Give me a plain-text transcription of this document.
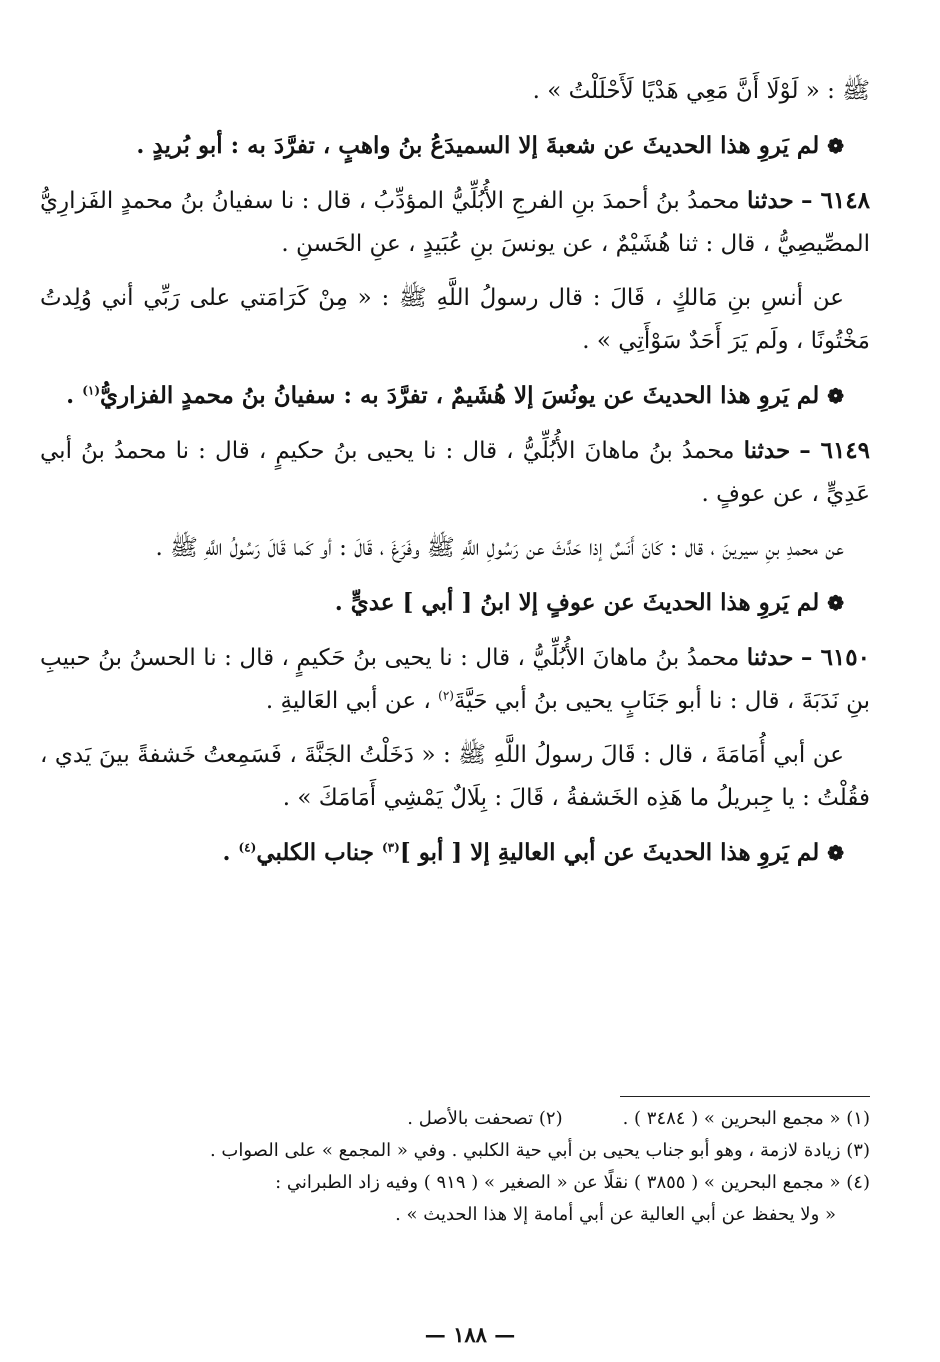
ﷺ : « لَوْلَا أَنَّ مَعِي هَدْيًا لَأَحْلَلْتُ » .

❁ لم يَروِ هذا الحديثَ عن شعبةَ إلا السميدَعُ بنُ واهبٍ ، تفرَّدَ به : أبو بُريدٍ .

٦١٤٨ – حدثنا محمدُ بنُ أحمدَ بنِ الفرجِ الأُبُلِّيُّ المؤدِّبُ ، قال : نا سفيانُ بنُ محمدٍ الفَزارِيُّ المصِّيصِيُّ ، قال : ثنا هُشَيْمٌ ، عن يونسَ بنِ عُبَيدٍ ، عنِ الحَسنِ .

عن أنسِ بنِ مَالكٍ ، قَالَ : قال رسولُ اللَّهِ ﷺ : « مِنْ كَرَامَتي على رَبِّي أني وُلِدتُ مَخْتُونًا ، ولَم يَرَ أَحَدٌ سَوْأَتِي » .

❁ لم يَروِ هذا الحديثَ عن يونُسَ إلا هُشَيمٌ ، تفرَّدَ به : سفيانُ بنُ محمدٍ الفزاريُّ$^{(١)}$ .

٦١٤٩ – حدثنا محمدُ بنُ ماهانَ الأُبُلِّيُّ ، قال : نا يحيى بنُ حكيمٍ ، قال : نا محمدُ بنُ أبي عَدِيٍّ ، عن عوفٍ .

عن محمدِ بنِ سيرينَ ، قال : كَانَ أَنَسٌ إذا حَدَّثَ عن رَسُولِ اللَّهِ ﷺ وفَرَغَ ، قَالَ : أو كَما قَالَ رَسُولُ اللَّهِ ﷺ .

❁ لم يَروِ هذا الحديثَ عن عوفٍ إلا ابنُ [ أبي ] عديٍّ .

٦١٥٠ – حدثنا محمدُ بنُ ماهانَ الأُبُلِّيُّ ، قال : نا يحيى بنُ حَكيمٍ ، قال : نا الحسنُ بنُ حبيبِ بنِ نَدَبَةَ ، قال : نا أبو جَنَابٍ يحيى بنُ أبي حَيَّةَ$^{(٢)}$ ، عن أبي العَاليةِ .

عن أبي أُمَامَةَ ، قال : قَالَ رسولُ اللَّهِ ﷺ : « دَخَلْتُ الجَنَّةَ ، فَسَمِعتُ خَشفةً بينَ يَدي ، فقُلْتُ : يا جِبريلُ ما هَذِه الخَشفةُ ، قَالَ : بِلَالٌ يَمْشِي أَمَامَكَ » .

❁ لم يَروِ هذا الحديثَ عن أبي العاليةِ إلا [ أبو ]$^{(٣)}$ جناب الكلبي$^{(٤)}$ .

(١) « مجمع البحرين » ( ٣٤٨٤ ) .(٢) تصحفت بالأصل .

(٣) زيادة لازمة ، وهو أبو جناب يحيى بن أبي حية الكلبي . وفي « المجمع » على الصواب .

(٤) « مجمع البحرين » ( ٣٨٥٥ ) نقلًا عن « الصغير » ( ٩١٩ ) وفيه زاد الطبراني :

« ولا يحفظ عن أبي العالية عن أبي أمامة إلا هذا الحديث » .

— ١٨٨ —
